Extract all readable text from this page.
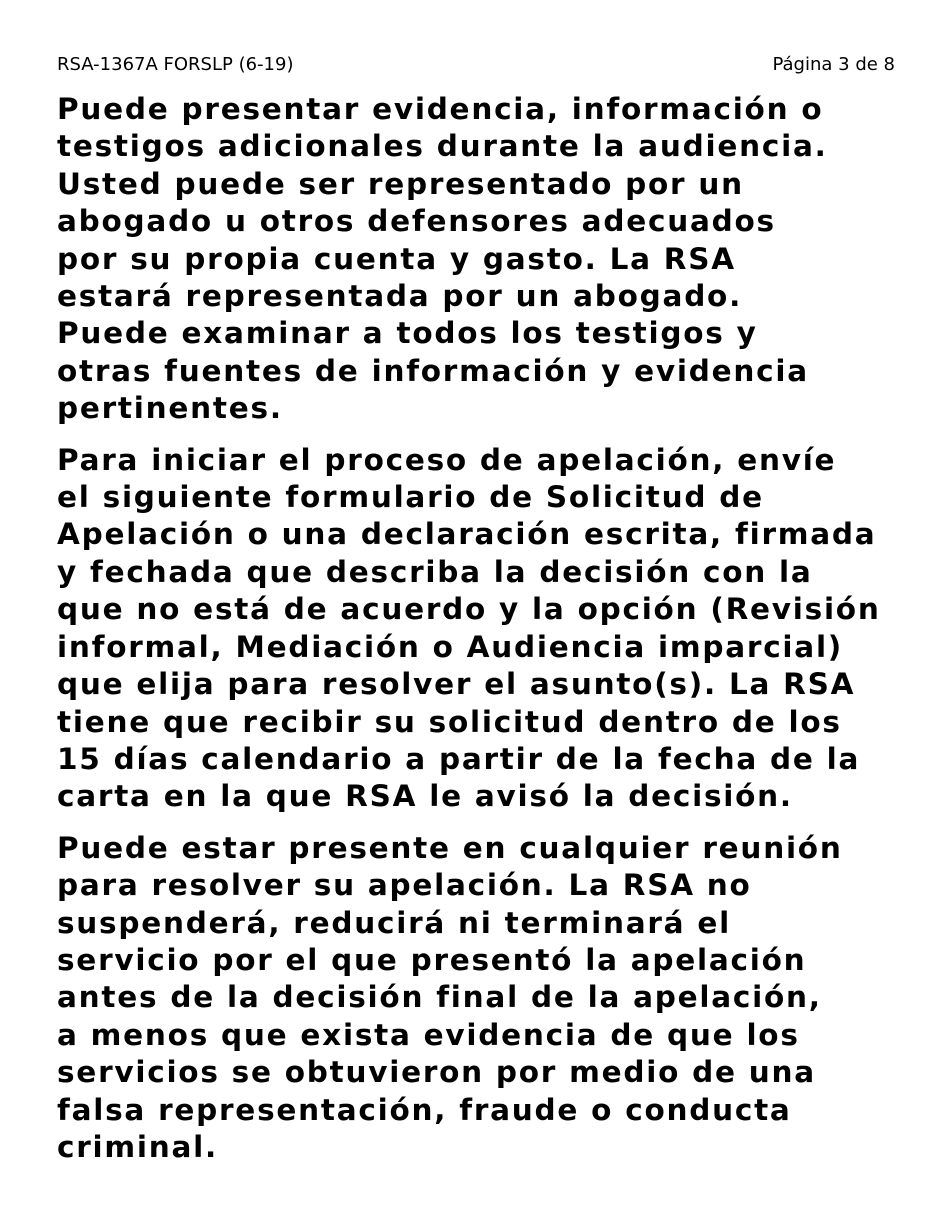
RSA-1367A FORSLP (6-19)	Página 3 de 8

Puede presentar evidencia, información o
testigos adicionales durante la audiencia.
Usted puede ser representado por un
abogado u otros defensores adecuados
por su propia cuenta y gasto. La RSA
estará representada por un abogado.
Puede examinar a todos los testigos y
otras fuentes de información y evidencia
pertinentes.

Para iniciar el proceso de apelación, envíe
el siguiente formulario de Solicitud de
Apelación o una declaración escrita, firmada
y fechada que describa la decisión con la
que no está de acuerdo y la opción (Revisión
informal, Mediación o Audiencia imparcial)
que elija para resolver el asunto(s). La RSA
tiene que recibir su solicitud dentro de los
15 días calendario a partir de la fecha de la
carta en la que RSA le avisó la decisión.

Puede estar presente en cualquier reunión
para resolver su apelación. La RSA no
suspenderá, reducirá ni terminará el
servicio por el que presentó la apelación
antes de la decisión final de la apelación,
a menos que exista evidencia de que los
servicios se obtuvieron por medio de una
falsa representación, fraude o conducta
criminal.
